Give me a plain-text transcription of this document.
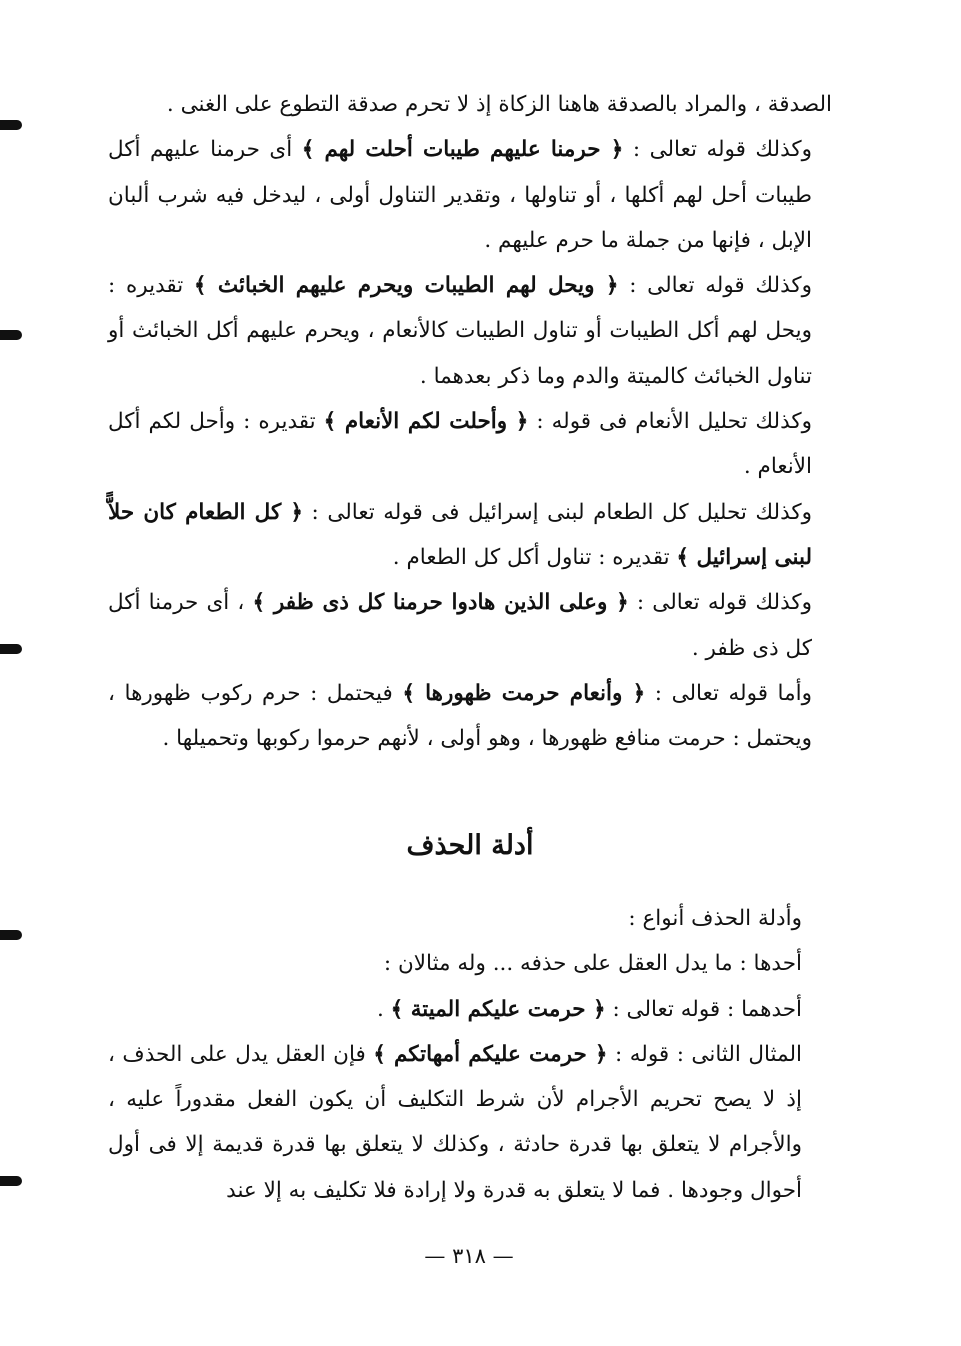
الصدقة ، والمراد بالصدقة هاهنا الزكاة إذ لا تحرم صدقة التطوع على الغنى .

وكذلك قوله تعالى : ﴿ حرمنا عليهم طيبات أحلت لهم ﴾ أى حرمنا عليهم أكل طيبات أحل لهم أكلها ، أو تناولها ، وتقدير التناول أولى ، ليدخل فيه شرب ألبان الإبل ، فإنها من جملة ما حرم عليهم .

وكذلك قوله تعالى : ﴿ ويحل لهم الطيبات ويحرم عليهم الخبائث ﴾ تقديره : ويحل لهم أكل الطيبات أو تناول الطيبات كالأنعام ، ويحرم عليهم أكل الخبائث أو تناول الخبائث كالميتة والدم وما ذكر بعدهما .

وكذلك تحليل الأنعام فى قوله : ﴿ وأحلت لكم الأنعام ﴾ تقديره : وأحل لكم أكل الأنعام .

وكذلك تحليل كل الطعام لبنى إسرائيل فى قوله تعالى : ﴿ كل الطعام كان حلاًّ لبنى إسرائيل ﴾ تقديره : تناول أكل كل الطعام .

وكذلك قوله تعالى : ﴿ وعلى الذين هادوا حرمنا كل ذى ظفر ﴾ ، أى حرمنا أكل كل ذى ظفر .

وأما قوله تعالى : ﴿ وأنعام حرمت ظهورها ﴾ فيحتمل : حرم ركوب ظهورها ، ويحتمل : حرمت منافع ظهورها ، وهو أولى ، لأنهم حرموا ركوبها وتحميلها .

أدلة الحذف

وأدلة الحذف أنواع :

أحدها : ما يدل العقل على حذفه ... وله مثالان :

أحدهما : قوله تعالى : ﴿ حرمت عليكم الميتة ﴾ .

المثال الثانى : قوله : ﴿ حرمت عليكم أمهاتكم ﴾ فإن العقل يدل على الحذف ، إذ لا يصح تحريم الأجرام لأن شرط التكليف أن يكون الفعل مقدوراً عليه ، والأجرام لا يتعلق بها قدرة حادثة ، وكذلك لا يتعلق بها قدرة قديمة إلا فى أول أحوال وجودها . فما لا يتعلق به قدرة ولا إرادة فلا تكليف به إلا عند

— ٣١٨ —
